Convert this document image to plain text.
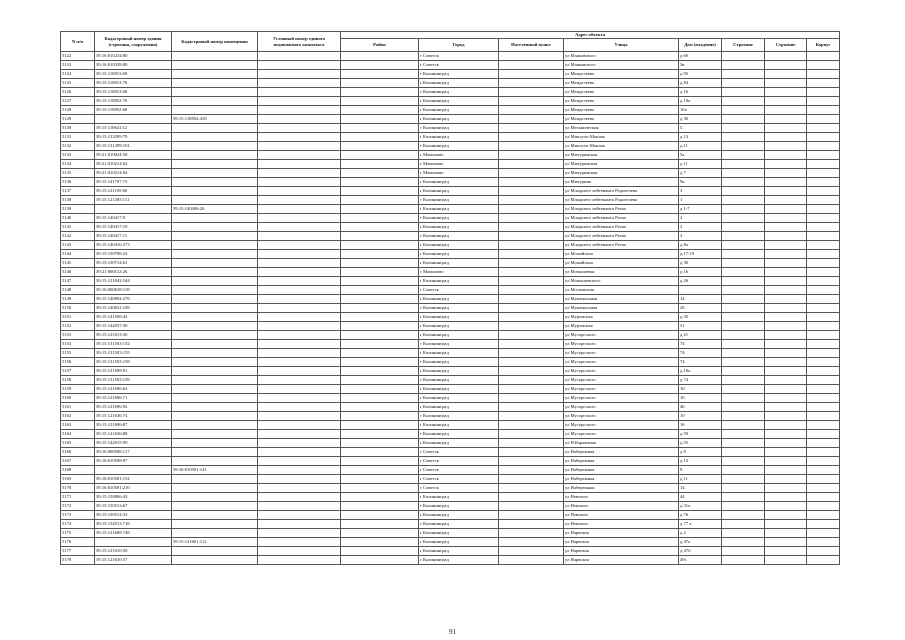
N п/п	Кадастровый номер здания (строения, сооружения)	Кадастровый номер помещения	Условный номер единого недвижимого комплекса	Адрес объекта							
				Район	Город	Населенный пункт	Улица	Дом (владение)	Строение	Строение	Корпус
5122	39:16:010234:80				г Советск		ул Маяковского	д 6б			
5123	39:16:010338:80				г Советск		ул Маяковского	3в			
5124	39:15:110813:69				г Калининград		ул Менделеева	д 95			
5125	39:15:110813:76				г Калининград		ул Менделеева	д 84			
5126	39:15:110813:68				г Калининград		ул Менделеева	д 16			
5127	39:15:110852:70				г Калининград		ул Менделеева	д 10а			
5128	39:15:110852:60				г Калининград		ул Менделеева	10а			
5129		39:15:110852:418			г Калининград		ул Менделеева	д 30			
5130	39:15:110641:12				г Калининград		ул Механическая	5			
5131	39:15:133299:79				г Калининград		ул Миклухо-Маклая	д 13			
5132	39:15:131299:101				г Калининград		ул Миклухо-Маклая	д 11			
5133	39:21:010024:58				г Мамоново		ул Мичуринская	5а			
5134	39:21:010214:62				г Мамоново		ул Мичуринская	д 11			
5135	39:21:010214:84				г Мамоново		ул Мичуринская	д 7			
5136	39:15:141707:73				г Калининград		ул Мичурина	9а			
5137	39:15:121105:60				г Калининград		ул Младшего лейтенанта Родителева	3			
5138	39:15:121305:111				г Калининград		ул Младшего лейтенанта Родителева	1			
5139		39:15:140406:26			г Калининград		ул Младшего лейтенанта Ротко	д 1-7			
5140	39:15:140417:9				г Калининград		ул Младшего лейтенанта Ротко	2			
5141	39:15:140417:10				г Калининград		ул Младшего лейтенанта Ротко	2			
5142	39:15:140417:11				г Калининград		ул Младшего лейтенанта Ротко	2			
5143	39:15:140416:373				г Калининград		ул Младшего лейтенанта Ротко	д 8а			
5144	39:15:150708:23				г Калининград		ул Можайская	д 17-19			
5145	39:15:150714:61				г Калининград		ул Можайская	д 30			
5146	39:21:000112:26				г Мамоново		ул Мопышевая	д 16			
5147	39:15:121042:544				г Калининград		ул Мопышевского	д 26			
5148	39:16:000618:118				г Советск		ул Московская				
5149	39:15:140804:27б				г Калининград		ул Мукомольная	14			
5150	39:15:140631:169				г Калининград		ул Мукомольная	26			
5151	39:15:141508:42				г Калининград		ул Муромская	д 35			
5152	39:15:142037:30				г Калининград		ул Муромская	51			
5153	39:15:121613:30				г Калининград		ул Мусоргского	д 21			
5154	39:15:131503:152				г Калининград		ул Мусоргского	74			
5155	39:15:131503:155				г Калининград		ул Мусоргского	74			
5156	39:15:131503:158				г Калининград		ул Мусоргского	74			
5157	39:15:121698:91				г Калининград		ул Мусоргского	д 10а			
5158	39:15:131503:159				г Калининград		ул Мусоргского	д 74			
5159	39:15:121696:63				г Калининград		ул Мусоргского	10			
5160	39:15:121696:71				г Калининград		ул Мусоргского	10			
5161	39:15:121696:92				г Калининград		ул Мусоргского	46			
5162	39:15:121636:74				г Калининград		ул Мусоргского	10			
5163	39:15:121696:87				г Калининград		ул Мусоргского	16			
5164	39:15:121636:88				г Калининград		ул Мусоргского	д 59			
5165	39:15:142015:99				г Калининград		ул Н.Карамзина	д 55			
5166	39:16:000508:117				г Советск		ул Набережная	д 9			
5167	39:16:010508:97				г Советск		ул Набережная	д 13			
5168		39:16:010501:141			г Советск		ул Набережная	9			
5169	39:16:010501:152				г Советск		ул Набережная	д 11			
5170	39:16:010501:210				г Советск		ул Набережная	14			
5171	39:15:150806:43				г Калининград		ул Невского	44			
5172	39:15:150513:67				г Калининград		ул Невского	д 31а			
5173	39:15:150514:33				г Калининград		ул Невского	д 76			
5174	39:15:154513:716				г Калининград		ул Невского	д 77 а			
5175	39:15:121608:748				г Калининград		ул Нарвская	д 2			
5176		39:15:121601:112			г Калининград		ул Нарвская	д 47а			
5177	39:15:121610:58				г Калининград		ул Нарвская	д 47б			
5178	39:15:121610:57				г Калининград		ул Нарвская	49с			
91
